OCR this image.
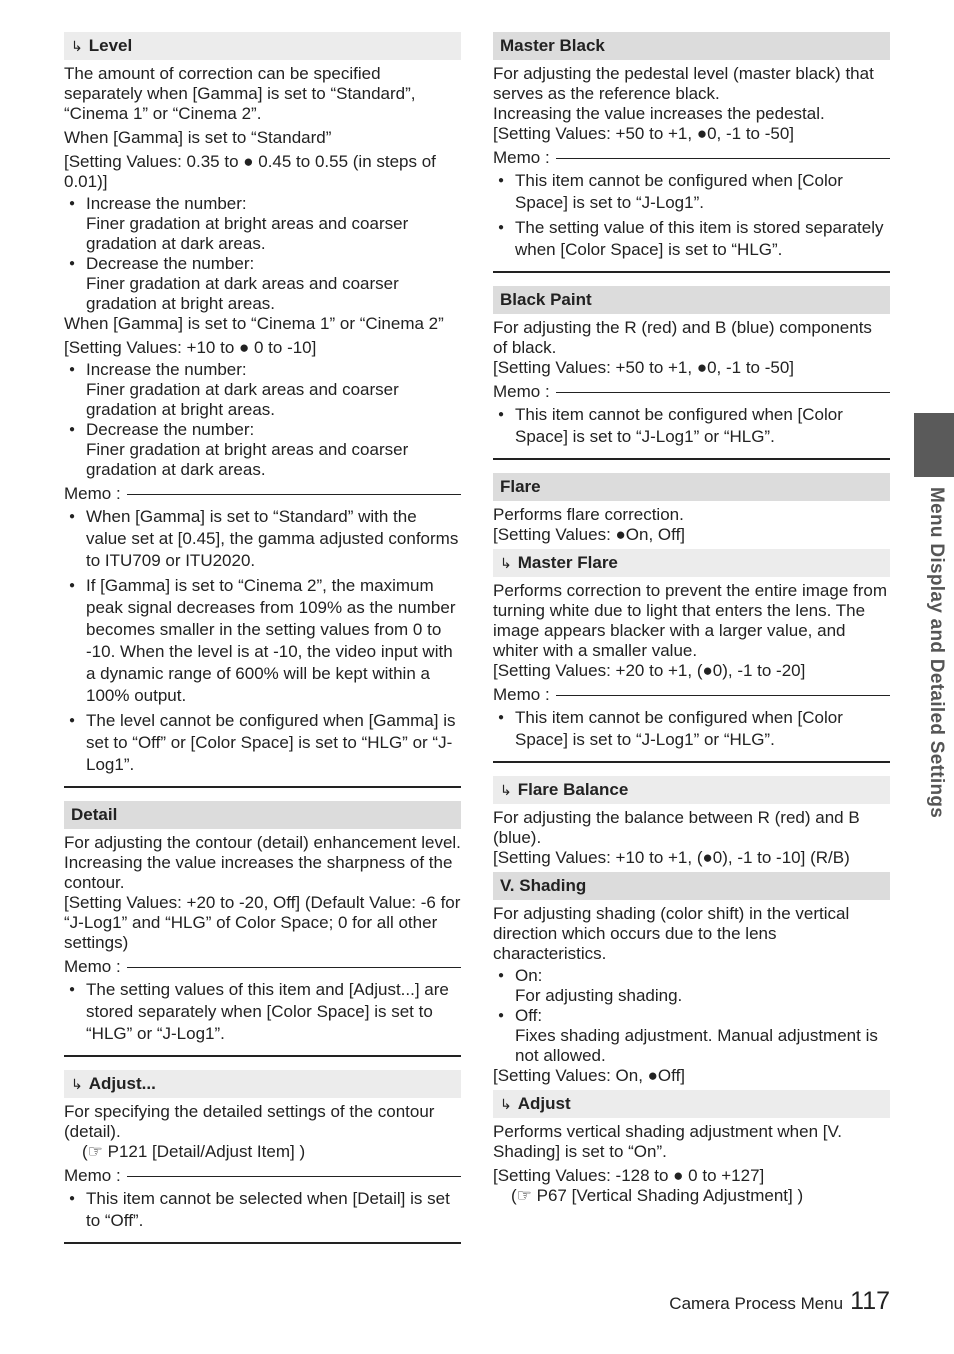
↳ Level

The amount of correction can be specified separately when [Gamma] is set to “Standard”, “Cinema 1” or “Cinema 2”.

When [Gamma] is set to “Standard”

[Setting Values: 0.35 to ● 0.45 to 0.55 (in steps of 0.01)]

● Increase the number:
Finer gradation at bright areas and coarser gradation at dark areas.
● Decrease the number:
Finer gradation at dark areas and coarser gradation at bright areas.

When [Gamma] is set to “Cinema 1” or “Cinema 2”

[Setting Values: +10 to ● 0 to -10]

● Increase the number:
Finer gradation at dark areas and coarser gradation at bright areas.
● Decrease the number:
Finer gradation at bright areas and coarser gradation at dark areas.
Memo :
● When [Gamma] is set to “Standard” with the value set at [0.45], the gamma adjusted conforms to ITU709 or ITU2020.
● If [Gamma] is set to “Cinema 2”, the maximum peak signal decreases from 109% as the number becomes smaller in the setting values from 0 to -10. When the level is at -10, the video input with a dynamic range of 600% will be kept within a 100% output.
● The level cannot be configured when [Gamma] is set to “Off” or [Color Space] is set to “HLG” or “J-Log1”.
Detail

For adjusting the contour (detail) enhancement level.

Increasing the value increases the sharpness of the contour.

[Setting Values: +20 to -20, Off] (Default Value: -6 for “J-Log1” and “HLG” of Color Space; 0 for all other settings)

Memo :
● The setting values of this item and [Adjust...] are stored separately when [Color Space] is set to “HLG” or “J-Log1”.
↳ Adjust...

For specifying the detailed settings of the contour (detail).

(☞ P121 [Detail/Adjust Item] )

Memo :
● This item cannot be selected when [Detail] is set to “Off”.
Master Black

For adjusting the pedestal level (master black) that serves as the reference black.

Increasing the value increases the pedestal.

[Setting Values: +50 to +1, ●0, -1 to -50]

Memo :
● This item cannot be configured when [Color Space] is set to “J-Log1”.
● The setting value of this item is stored separately when [Color Space] is set to “HLG”.
Black Paint

For adjusting the R (red) and B (blue) components of black.

[Setting Values: +50 to +1, ●0, -1 to -50]

Memo :
● This item cannot be configured when [Color Space] is set to “J-Log1” or “HLG”.
Flare

Performs flare correction.

[Setting Values: ●On, Off]

↳ Master Flare

Performs correction to prevent the entire image from turning white due to light that enters the lens. The image appears blacker with a larger value, and whiter with a smaller value.

[Setting Values: +20 to +1, (●0), -1 to -20]

Memo :
● This item cannot be configured when [Color Space] is set to “J-Log1” or “HLG”.
↳ Flare Balance

For adjusting the balance between R (red) and B (blue).

[Setting Values: +10 to +1, (●0), -1 to -10] (R/B)

V. Shading

For adjusting shading (color shift) in the vertical direction which occurs due to the lens characteristics.

● On:
For adjusting shading.
● Off:
Fixes shading adjustment. Manual adjustment is not allowed.

[Setting Values: On, ●Off]

↳ Adjust

Performs vertical shading adjustment when [V. Shading] is set to “On”.

[Setting Values: -128 to ● 0 to +127]

(☞ P67 [Vertical Shading Adjustment] )

Menu Display and Detailed Settings
Camera Process Menu 117
